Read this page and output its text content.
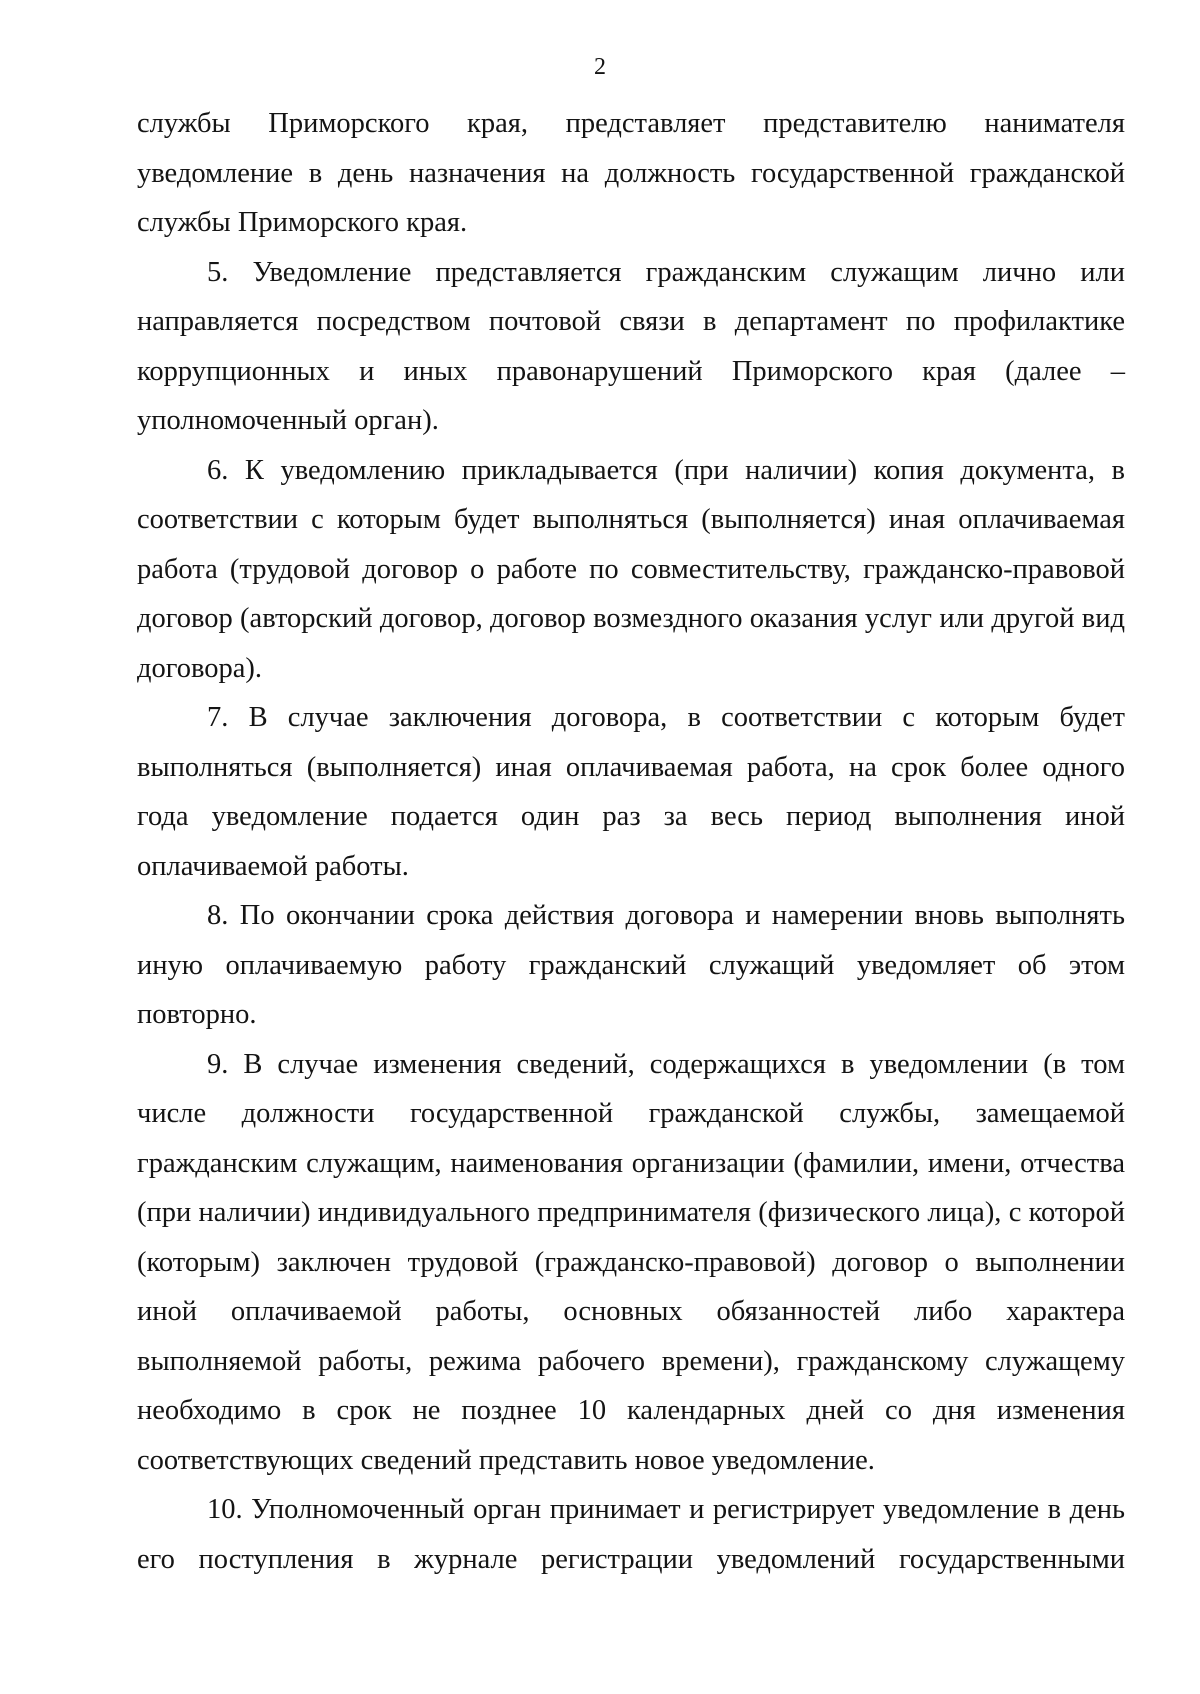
2

службы Приморского края, представляет представителю нанимателя уведомление в день назначения на должность государственной гражданской службы Приморского края.

5. Уведомление представляется гражданским служащим лично или направляется посредством почтовой связи в департамент по профилактике коррупционных и иных правонарушений Приморского края (далее – уполномоченный орган).

6. К уведомлению прикладывается (при наличии) копия документа, в соответствии с которым будет выполняться (выполняется) иная оплачиваемая работа (трудовой договор о работе по совместительству, гражданско-правовой договор (авторский договор, договор возмездного оказания услуг или другой вид договора).

7. В случае заключения договора, в соответствии с которым будет выполняться (выполняется) иная оплачиваемая работа, на срок более одного года уведомление подается один раз за весь период выполнения иной оплачиваемой работы.

8. По окончании срока действия договора и намерении вновь выполнять иную оплачиваемую работу гражданский служащий уведомляет об этом повторно.

9. В случае изменения сведений, содержащихся в уведомлении (в том числе должности государственной гражданской службы, замещаемой гражданским служащим, наименования организации (фамилии, имени, отчества (при наличии) индивидуального предпринимателя (физического лица), с которой (которым) заключен трудовой (гражданско-правовой) договор о выполнении иной оплачиваемой работы, основных обязанностей либо характера выполняемой работы, режима рабочего времени), гражданскому служащему необходимо в срок не позднее 10 календарных дней со дня изменения соответствующих сведений представить новое уведомление.

10. Уполномоченный орган принимает и регистрирует уведомление в день его поступления в журнале регистрации уведомлений государственными
